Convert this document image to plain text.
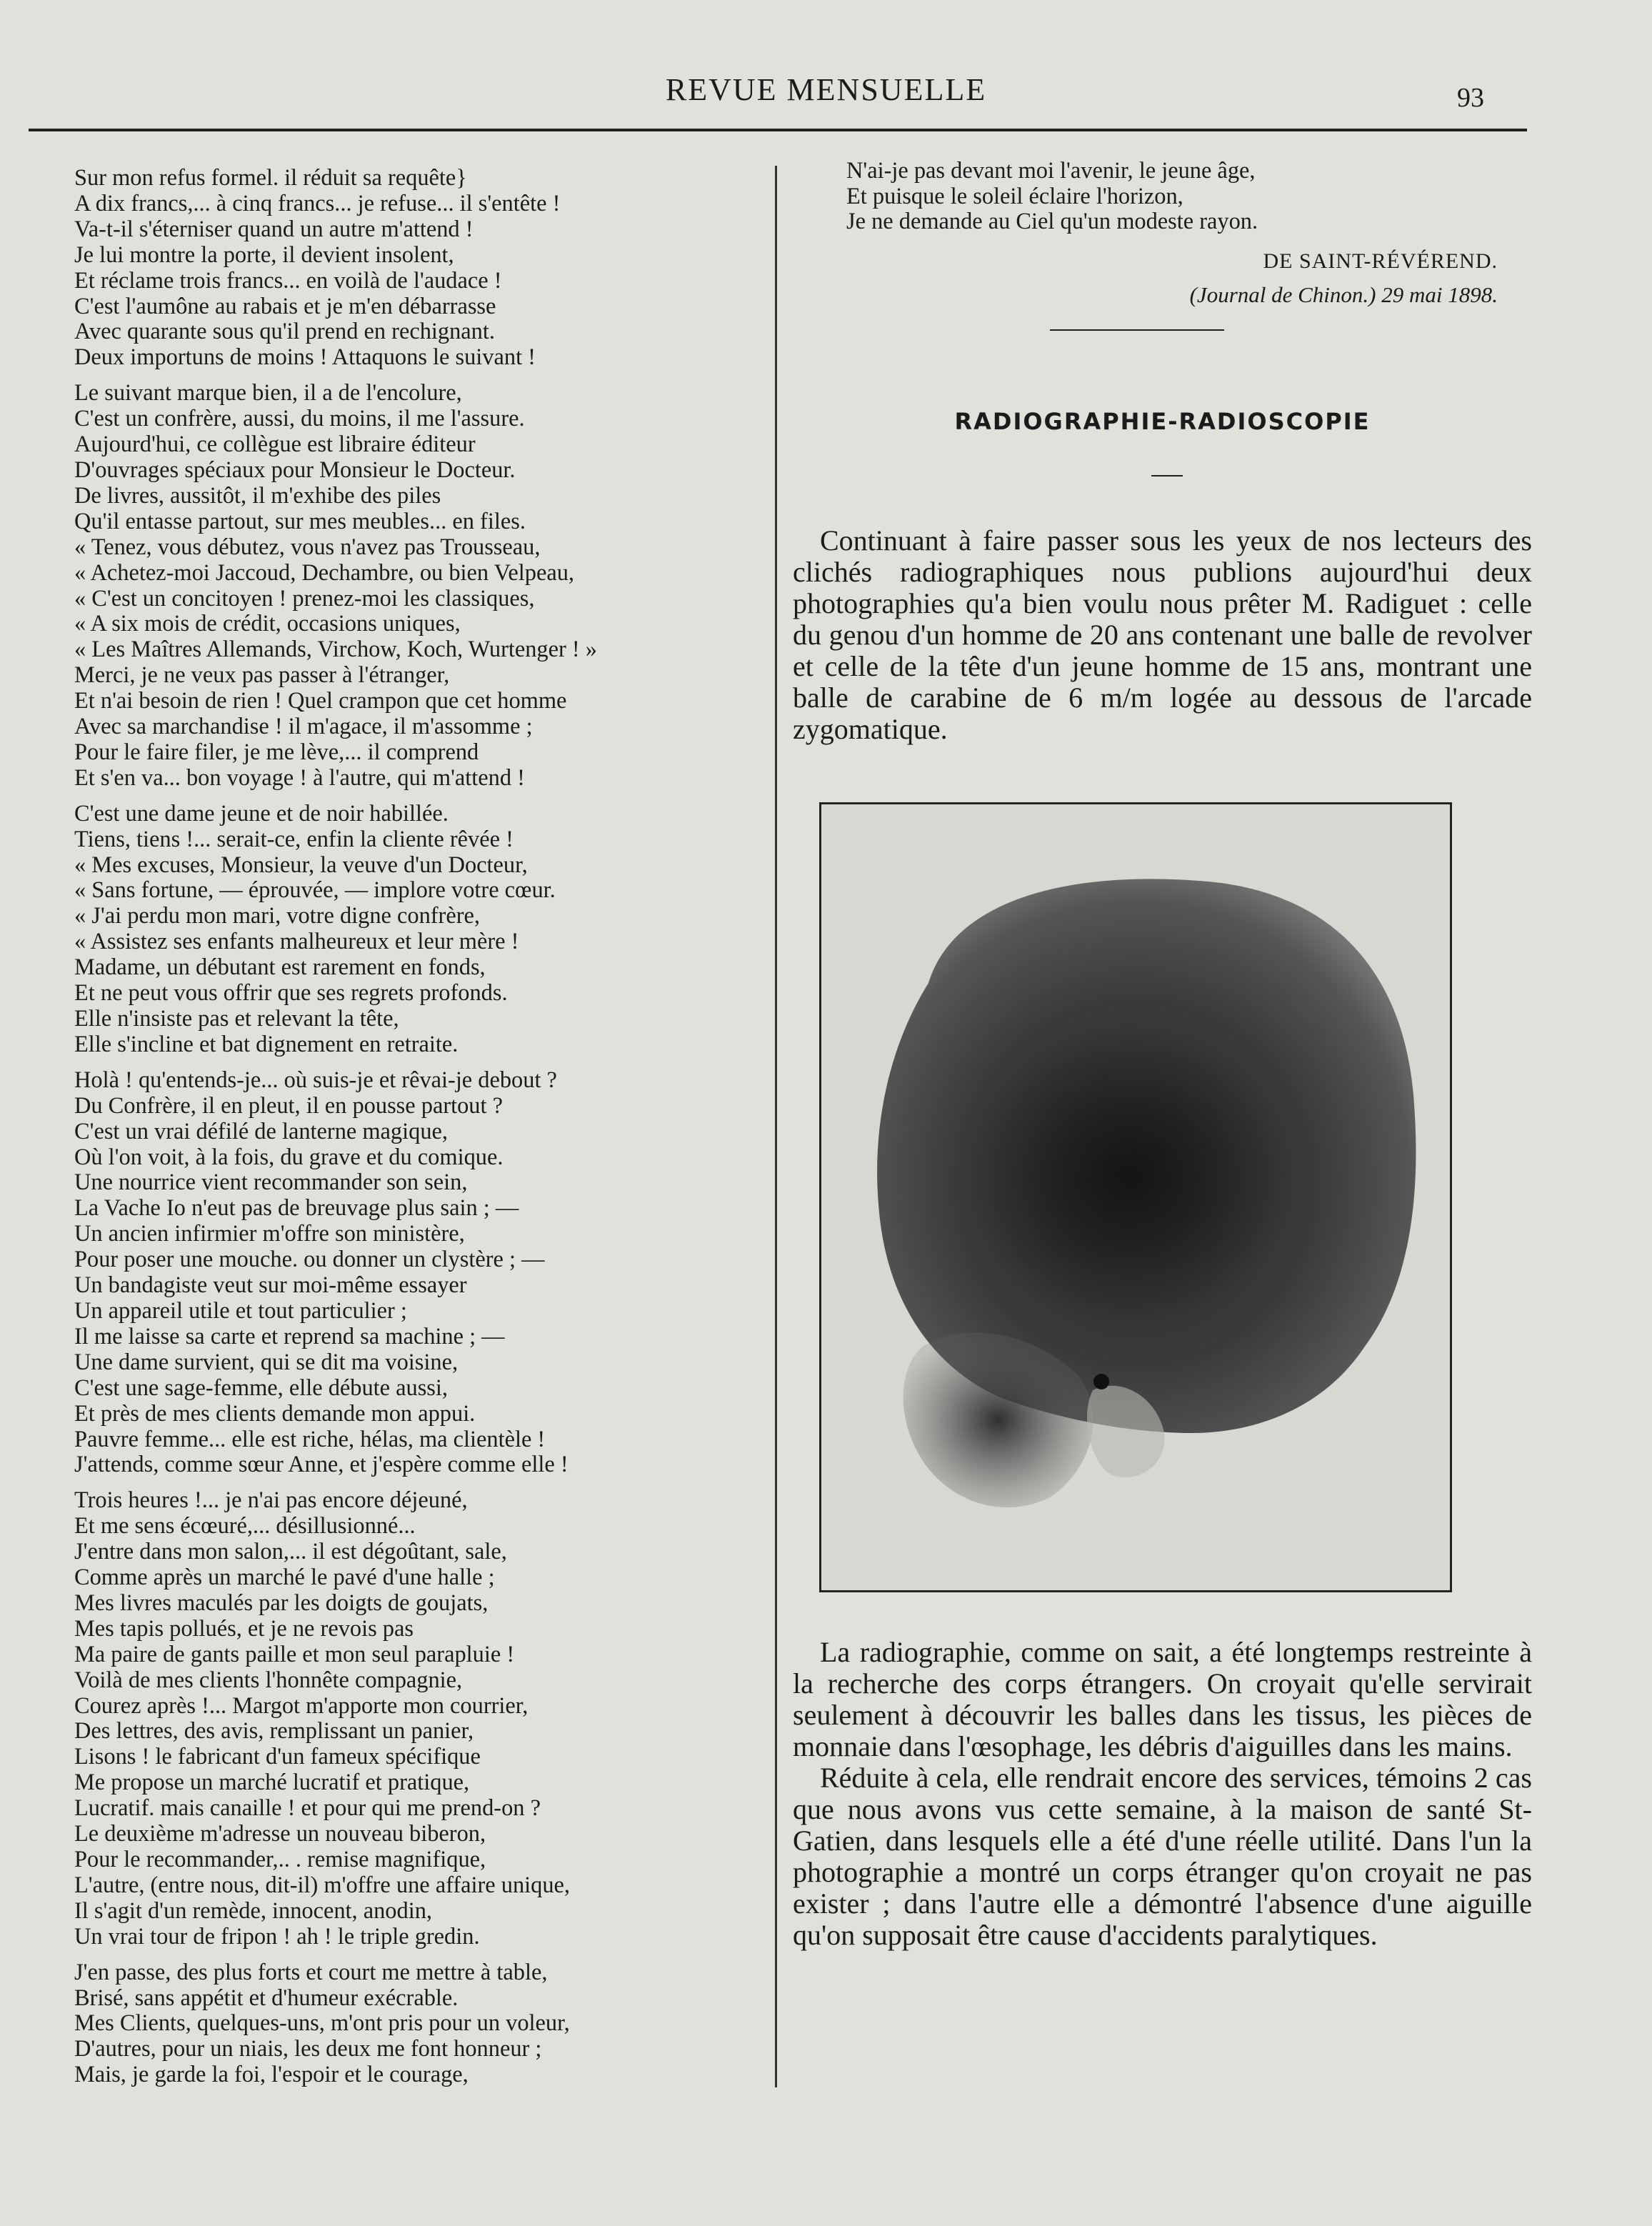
REVUE MENSUELLE	93
Sur mon refus formel. il réduit sa requête}
A dix francs,... à cinq francs... je refuse... il s'entête !
Va-t-il s'éterniser quand un autre m'attend !
Je lui montre la porte, il devient insolent,
Et réclame trois francs... en voilà de l'audace !
C'est l'aumône au rabais et je m'en débarrasse
Avec quarante sous qu'il prend en rechignant.
Deux importuns de moins ! Attaquons le suivant !
Le suivant marque bien, il a de l'encolure,
C'est un confrère, aussi, du moins, il me l'assure.
Aujourd'hui, ce collègue est libraire éditeur
D'ouvrages spéciaux pour Monsieur le Docteur.
De livres, aussitôt, il m'exhibe des piles
Qu'il entasse partout, sur mes meubles... en files.
« Tenez, vous débutez, vous n'avez pas Trousseau,
« Achetez-moi Jaccoud, Dechambre, ou bien Velpeau,
« C'est un concitoyen ! prenez-moi les classiques,
« A six mois de crédit, occasions uniques,
« Les Maîtres Allemands, Virchow, Koch, Wurtenger ! »
Merci, je ne veux pas passer à l'étranger,
Et n'ai besoin de rien ! Quel crampon que cet homme
Avec sa marchandise ! il m'agace, il m'assomme ;
Pour le faire filer, je me lève,... il comprend
Et s'en va... bon voyage ! à l'autre, qui m'attend !
C'est une dame jeune et de noir habillée.
Tiens, tiens !... serait-ce, enfin la cliente rêvée !
« Mes excuses, Monsieur, la veuve d'un Docteur,
« Sans fortune, — éprouvée, — implore votre cœur.
« J'ai perdu mon mari, votre digne confrère,
« Assistez ses enfants malheureux et leur mère !
Madame, un débutant est rarement en fonds,
Et ne peut vous offrir que ses regrets profonds.
Elle n'insiste pas et relevant la tête,
Elle s'incline et bat dignement en retraite.
Holà ! qu'entends-je... où suis-je et rêvai-je debout ?
Du Confrère, il en pleut, il en pousse partout ?
C'est un vrai défilé de lanterne magique,
Où l'on voit, à la fois, du grave et du comique.
Une nourrice vient recommander son sein,
La Vache Io n'eut pas de breuvage plus sain ; —
Un ancien infirmier m'offre son ministère,
Pour poser une mouche. ou donner un clystère ; —
Un bandagiste veut sur moi-même essayer
Un appareil utile et tout particulier ;
Il me laisse sa carte et reprend sa machine ; —
Une dame survient, qui se dit ma voisine,
C'est une sage-femme, elle débute aussi,
Et près de mes clients demande mon appui.
Pauvre femme... elle est riche, hélas, ma clientèle !
J'attends, comme sœur Anne, et j'espère comme elle !
Trois heures !... je n'ai pas encore déjeuné,
Et me sens écœuré,... désillusionné...
J'entre dans mon salon,... il est dégoûtant, sale,
Comme après un marché le pavé d'une halle ;
Mes livres maculés par les doigts de goujats,
Mes tapis pollués, et je ne revois pas
Ma paire de gants paille et mon seul parapluie !
Voilà de mes clients l'honnête compagnie,
Courez après !... Margot m'apporte mon courrier,
Des lettres, des avis, remplissant un panier,
Lisons ! le fabricant d'un fameux spécifique
Me propose un marché lucratif et pratique,
Lucratif. mais canaille ! et pour qui me prend-on ?
Le deuxième m'adresse un nouveau biberon,
Pour le recommander,.. . remise magnifique,
L'autre, (entre nous, dit-il) m'offre une affaire unique,
Il s'agit d'un remède, innocent, anodin,
Un vrai tour de fripon ! ah ! le triple gredin.
J'en passe, des plus forts et court me mettre à table,
Brisé, sans appétit et d'humeur exécrable.
Mes Clients, quelques-uns, m'ont pris pour un voleur,
D'autres, pour un niais, les deux me font honneur ;
Mais, je garde la foi, l'espoir et le courage,
N'ai-je pas devant moi l'avenir, le jeune âge,
Et puisque le soleil éclaire l'horizon,
Je ne demande au Ciel qu'un modeste rayon.
DE SAINT-RÉVÉREND.
(Journal de Chinon.) 29 mai 1898.
RADIOGRAPHIE-RADIOSCOPIE
Continuant à faire passer sous les yeux de nos lecteurs des clichés radiographiques nous publions aujourd'hui deux photographies qu'a bien voulu nous prêter M. Radiguet : celle du genou d'un homme de 20 ans contenant une balle de revolver et celle de la tête d'un jeune homme de 15 ans, montrant une balle de carabine de 6 m/m logée au dessous de l'arcade zygomatique.
La radiographie, comme on sait, a été longtemps restreinte à la recherche des corps étrangers. On croyait qu'elle servirait seulement à découvrir les balles dans les tissus, les pièces de monnaie dans l'œsophage, les débris d'aiguilles dans les mains.
Réduite à cela, elle rendrait encore des services, témoins 2 cas que nous avons vus cette semaine, à la maison de santé St-Gatien, dans lesquels elle a été d'une réelle utilité. Dans l'un la photographie a montré un corps étranger qu'on croyait ne pas exister ; dans l'autre elle a démontré l'absence d'une aiguille qu'on supposait être cause d'accidents paralytiques.
